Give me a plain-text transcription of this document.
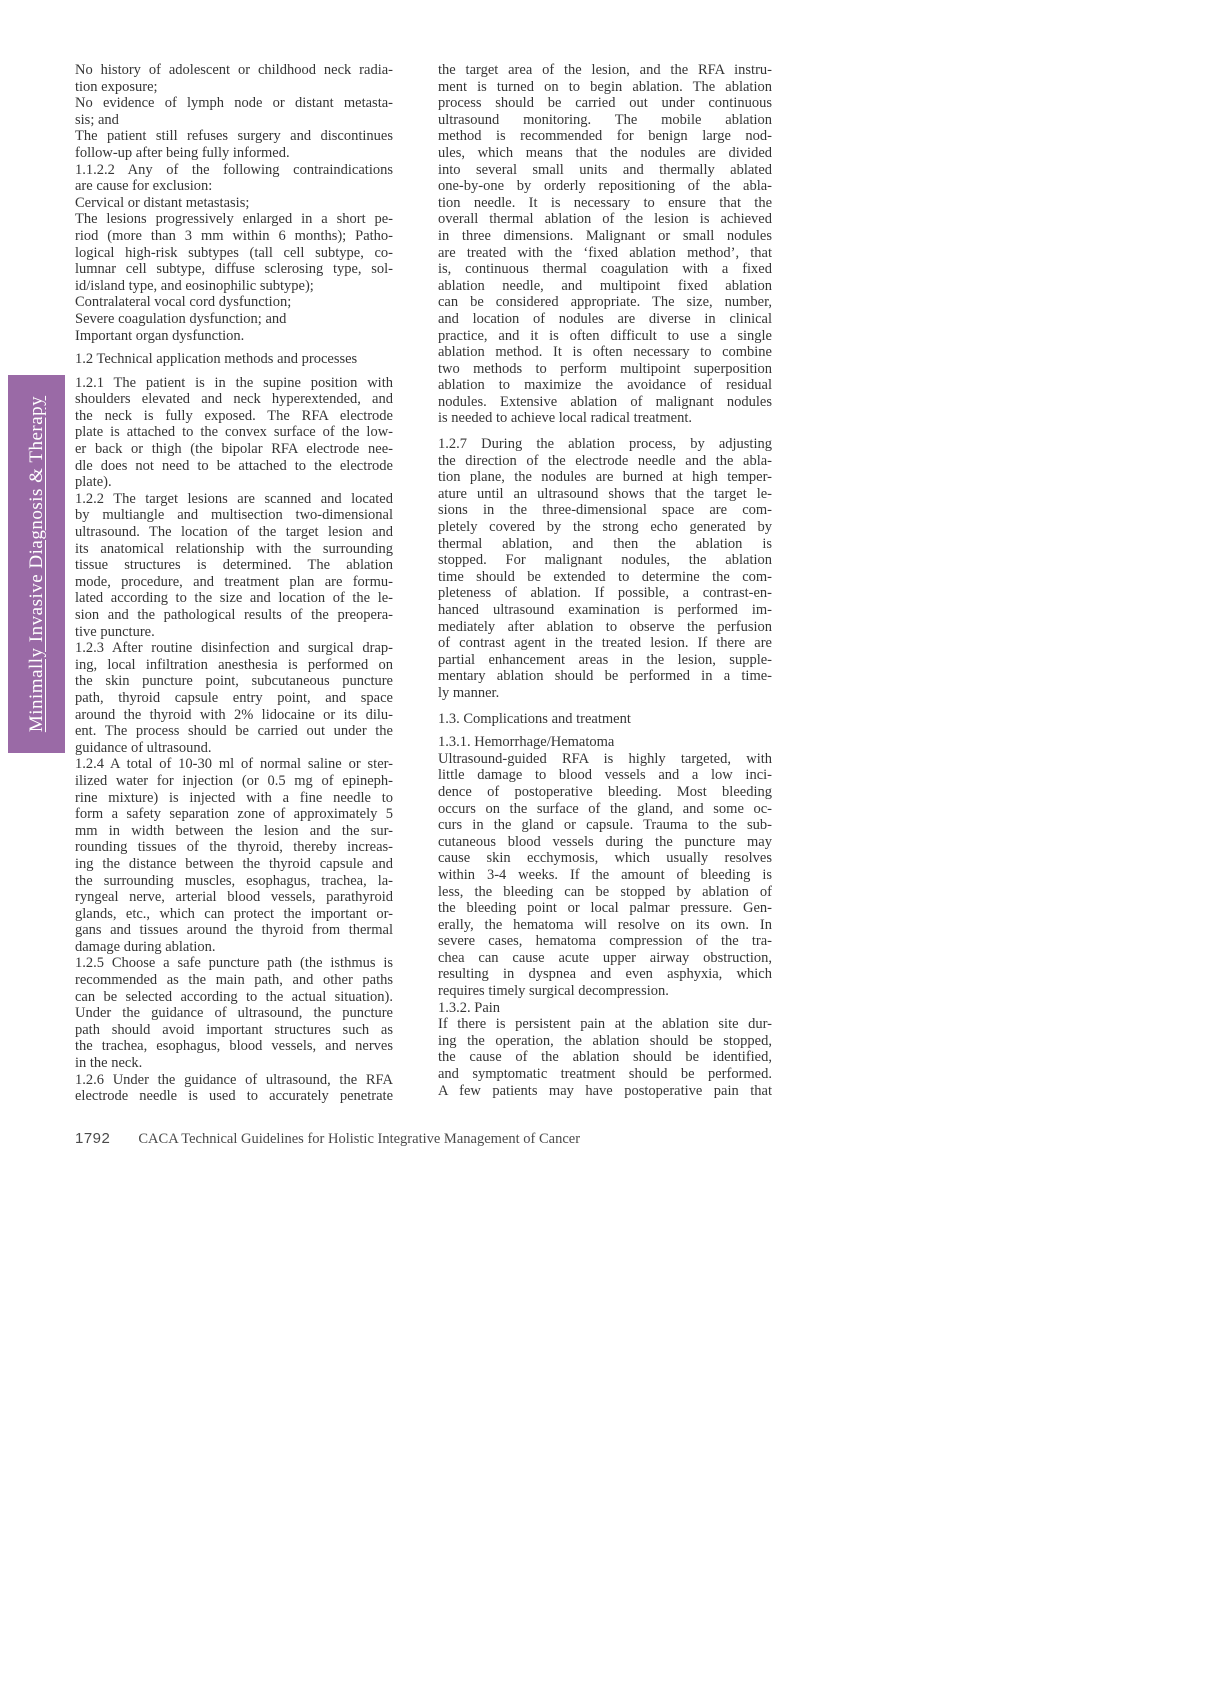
Minimally Invasive Diagnosis & Therapy
No history of adolescent or childhood neck radia-
tion exposure;
No evidence of lymph node or distant metasta-
sis; and
The patient still refuses surgery and discontinues
follow-up after being fully informed.
1.1.2.2 Any of the following contraindications
are cause for exclusion:
Cervical or distant metastasis;
The lesions progressively enlarged in a short pe-
riod (more than 3 mm within 6 months); Patho-
logical high-risk subtypes (tall cell subtype, co-
lumnar cell subtype, diffuse sclerosing type, sol-
id/island type, and eosinophilic subtype);
Contralateral vocal cord dysfunction;
Severe coagulation dysfunction; and
Important organ dysfunction.
1.2 Technical application methods and processes
1.2.1 The patient is in the supine position with
shoulders elevated and neck hyperextended, and
the neck is fully exposed. The RFA electrode
plate is attached to the convex surface of the low-
er back or thigh (the bipolar RFA electrode nee-
dle does not need to be attached to the electrode
plate).
1.2.2 The target lesions are scanned and located
by multiangle and multisection two-dimensional
ultrasound. The location of the target lesion and
its anatomical relationship with the surrounding
tissue structures is determined. The ablation
mode, procedure, and treatment plan are formu-
lated according to the size and location of the le-
sion and the pathological results of the preopera-
tive puncture.
1.2.3 After routine disinfection and surgical drap-
ing, local infiltration anesthesia is performed on
the skin puncture point, subcutaneous puncture
path, thyroid capsule entry point, and space
around the thyroid with 2% lidocaine or its dilu-
ent. The process should be carried out under the
guidance of ultrasound.
1.2.4 A total of 10-30 ml of normal saline or ster-
ilized water for injection (or 0.5 mg of epineph-
rine mixture) is injected with a fine needle to
form a safety separation zone of approximately 5
mm in width between the lesion and the sur-
rounding tissues of the thyroid, thereby increas-
ing the distance between the thyroid capsule and
the surrounding muscles, esophagus, trachea, la-
ryngeal nerve, arterial blood vessels, parathyroid
glands, etc., which can protect the important or-
gans and tissues around the thyroid from thermal
damage during ablation.
1.2.5 Choose a safe puncture path (the isthmus is
recommended as the main path, and other paths
can be selected according to the actual situation).
Under the guidance of ultrasound, the puncture
path should avoid important structures such as
the trachea, esophagus, blood vessels, and nerves
in the neck.
1.2.6 Under the guidance of ultrasound, the RFA
electrode needle is used to accurately penetrate
the target area of the lesion, and the RFA instru-
ment is turned on to begin ablation. The ablation
process should be carried out under continuous
ultrasound monitoring. The mobile ablation
method is recommended for benign large nod-
ules, which means that the nodules are divided
into several small units and thermally ablated
one-by-one by orderly repositioning of the abla-
tion needle. It is necessary to ensure that the
overall thermal ablation of the lesion is achieved
in three dimensions. Malignant or small nodules
are treated with the ‘fixed ablation method’, that
is, continuous thermal coagulation with a fixed
ablation needle, and multipoint fixed ablation
can be considered appropriate. The size, number,
and location of nodules are diverse in clinical
practice, and it is often difficult to use a single
ablation method. It is often necessary to combine
two methods to perform multipoint superposition
ablation to maximize the avoidance of residual
nodules. Extensive ablation of malignant nodules
is needed to achieve local radical treatment.
1.2.7 During the ablation process, by adjusting
the direction of the electrode needle and the abla-
tion plane, the nodules are burned at high temper-
ature until an ultrasound shows that the target le-
sions in the three-dimensional space are com-
pletely covered by the strong echo generated by
thermal ablation, and then the ablation is
stopped. For malignant nodules, the ablation
time should be extended to determine the com-
pleteness of ablation. If possible, a contrast-en-
hanced ultrasound examination is performed im-
mediately after ablation to observe the perfusion
of contrast agent in the treated lesion. If there are
partial enhancement areas in the lesion, supple-
mentary ablation should be performed in a time-
ly manner.
1.3. Complications and treatment
1.3.1. Hemorrhage/Hematoma
Ultrasound-guided RFA is highly targeted, with
little damage to blood vessels and a low inci-
dence of postoperative bleeding. Most bleeding
occurs on the surface of the gland, and some oc-
curs in the gland or capsule. Trauma to the sub-
cutaneous blood vessels during the puncture may
cause skin ecchymosis, which usually resolves
within 3-4 weeks. If the amount of bleeding is
less, the bleeding can be stopped by ablation of
the bleeding point or local palmar pressure. Gen-
erally, the hematoma will resolve on its own. In
severe cases, hematoma compression of the tra-
chea can cause acute upper airway obstruction,
resulting in dyspnea and even asphyxia, which
requires timely surgical decompression.
1.3.2. Pain
If there is persistent pain at the ablation site dur-
ing the operation, the ablation should be stopped,
the cause of the ablation should be identified,
and symptomatic treatment should be performed.
A few patients may have postoperative pain that
1792 CACA Technical Guidelines for Holistic Integrative Management of Cancer
